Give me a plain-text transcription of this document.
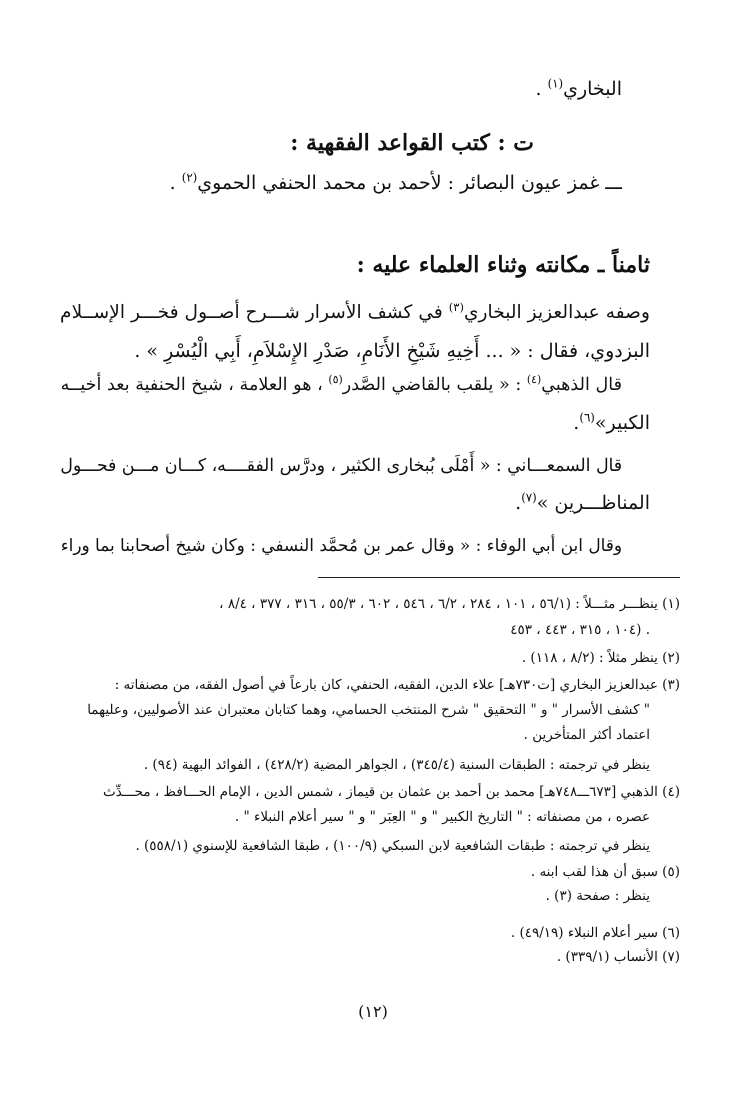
البخاري$^{(١)}$ .
ت : كتب القواعد الفقهية :
ـــ غمز عيون البصائر : لأحمد بن محمد الحنفي الحموي$^{(٢)}$ .
ثامناً ـ مكانته وثناء العلماء عليه :
وصفه عبدالعزيز البخاري$^{(٣)}$ في كشف الأسرار شـــرح أصــول فخـــر الإســلام
البزدوي، فقال : « ... أَخِيهِ شَيْخِ الأَنَامِ، صَدْرِ الإِسْلاَمِ، أَبِي الْيُسْرِ » .
قال الذهبي$^{(٤)}$ : « يلقب بالقاضي الصَّدر$^{(٥)}$ ، هو العلامة ، شيخ الحنفية بعد أخيــه
الكبير»$^{(٦)}$.
قال السمعـــاني : « أَمْلَى بُبخارى الكثير ، ودرَّس الفقــــه، كـــان مـــن فحـــول
المناظـــرين »$^{(٧)}$.
وقال ابن أبي الوفاء : « وقال عمر بن مُحمَّد النسفي : وكان شيخ أصحابنا بما وراء
(١) ينظـــر مثـــلاً : (٥٦/١ ، ١٠١ ، ٢٨٤ ، ٦/٢ ، ٥٤٦ ، ٦٠٢ ، ٥٥/٣ ، ٣١٦ ، ٣٧٧ ، ٨/٤ ،
١٠٤ ، ٣١٥ ، ٤٤٣ ، ٤٥٣) .
(٢) ينظر مثلاً : (٨/٢ ، ١١٨) .
(٣) عبدالعزيز البخاري [ت٧٣٠هـ] علاء الدين، الفقيه، الحنفي، كان بارعاً في أصول الفقه، من مصنفاته :
" كشف الأسرار " و " التحقيق " شرح المنتخب الحسامي، وهما كتابان معتبران عند الأصوليين، وعليهما
اعتماد أكثر المتأخرين .
ينظر في ترجمته : الطبقات السنية (٣٤٥/٤) ، الجواهر المضية (٤٢٨/٢) ، الفوائد البهية (٩٤) .
(٤) الذهبي [٦٧٣ـــ٧٤٨هـ] محمد بن أحمد بن عثمان بن قيماز ، شمس الدين ، الإمام الحـــافظ ، محـــدِّث
عصره ، من مصنفاته : " التاريخ الكبير " و " العِبَر " و " سير أعلام النبلاء " .
ينظر في ترجمته : طبقات الشافعية لابن السبكي (١٠٠/٩) ، طبقا الشافعية للإسنوي (٥٥٨/١) .
(٥) سبق أن هذا لقب ابنه .
ينظر : صفحة (٣) .
(٦) سير أعلام النبلاء (٤٩/١٩) .
(٧) الأنساب (٣٣٩/١) .
(١٢)
